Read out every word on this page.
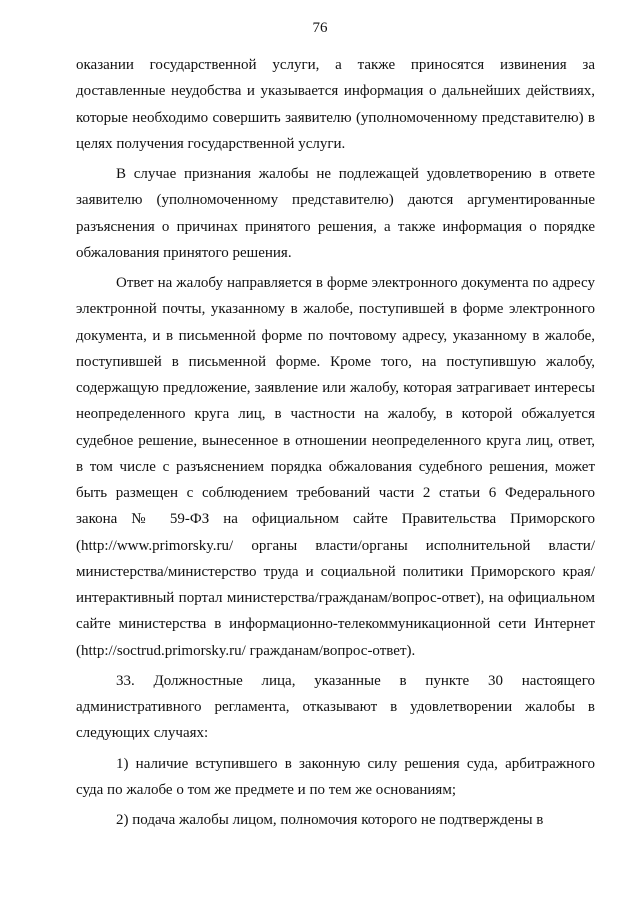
76

оказании государственной услуги, а также приносятся извинения за доставленные неудобства и указывается информация о дальнейших действиях, которые необходимо совершить заявителю (уполномоченному представителю) в целях получения государственной услуги.

В случае признания жалобы не подлежащей удовлетворению в ответе заявителю (уполномоченному представителю) даются аргументированные разъяснения о причинах принятого решения, а также информация о порядке обжалования принятого решения.

Ответ на жалобу направляется в форме электронного документа по адресу электронной почты, указанному в жалобе, поступившей в форме электронного документа, и в письменной форме по почтовому адресу, указанному в жалобе, поступившей в письменной форме. Кроме того, на поступившую жалобу, содержащую предложение, заявление или жалобу, которая затрагивает интересы неопределенного круга лиц, в частности на жалобу, в которой обжалуется судебное решение, вынесенное в отношении неопределенного круга лиц, ответ, в том числе с разъяснением порядка обжалования судебного решения, может быть размещен с соблюдением требований части 2 статьи 6 Федерального закона № 59-ФЗ на официальном сайте Правительства Приморского (http://www.primorsky.ru/ органы власти/органы исполнительной власти/министерства/министерство труда и социальной политики Приморского края/интерактивный портал министерства/гражданам/вопрос-ответ), на официальном сайте министерства в информационно-телекоммуникационной сети Интернет (http://soctrud.primorsky.ru/ гражданам/вопрос-ответ).

33. Должностные лица, указанные в пункте 30 настоящего административного регламента, отказывают в удовлетворении жалобы в следующих случаях:

1) наличие вступившего в законную силу решения суда, арбитражного суда по жалобе о том же предмете и по тем же основаниям;

2) подача жалобы лицом, полномочия которого не подтверждены в
